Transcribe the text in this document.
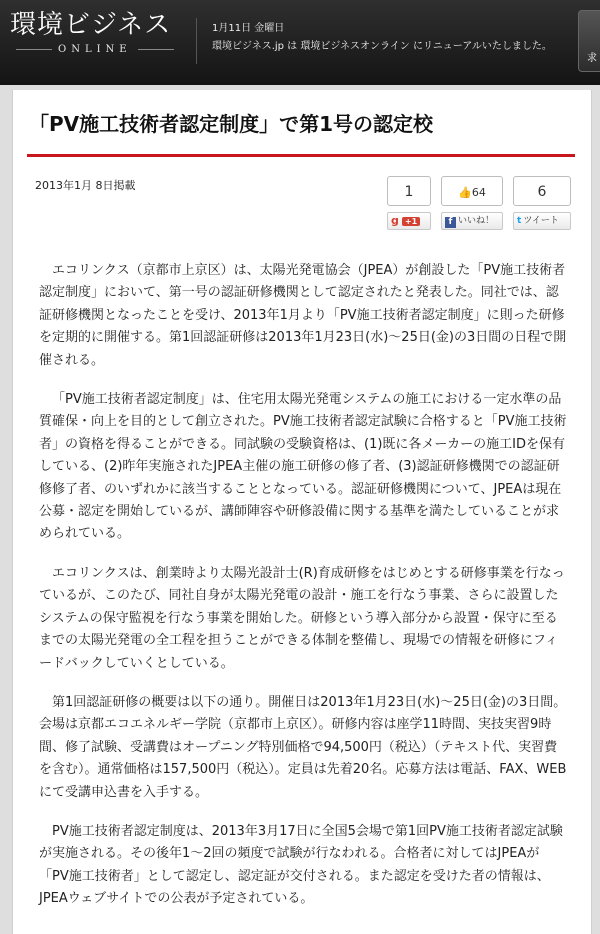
環境ビジネス
ONLINE
1月11日 金曜日
環境ビジネス.jp は 環境ビジネスオンライン にリニューアルいたしました。
求
「PV施工技術者認定制度」で第1号の認定校
2013年1月 8日掲載	1
g +1
👍64
f いいね！
6
t ツイート

エコリンクス（京都市上京区）は、太陽光発電協会（JPEA）が創設した「PV施工技術者認定制度」において、第一号の認証研修機関として認定されたと発表した。同社では、認証研修機関となったことを受け、2013年1月より「PV施工技術者認定制度」に則った研修を定期的に開催する。第1回認証研修は2013年1月23日(水)〜25日(金)の3日間の日程で開催される。

「PV施工技術者認定制度」は、住宅用太陽光発電システムの施工における一定水準の品質確保・向上を目的として創立された。PV施工技術者認定試験に合格すると「PV施工技術者」の資格を得ることができる。同試験の受験資格は、(1)既に各メーカーの施工IDを保有している、(2)昨年実施されたJPEA主催の施工研修の修了者、(3)認証研修機関での認証研修修了者、のいずれかに該当することとなっている。認証研修機関について、JPEAは現在公募・認定を開始しているが、講師陣容や研修設備に関する基準を満たしていることが求められている。

エコリンクスは、創業時より太陽光設計士(R)育成研修をはじめとする研修事業を行なっているが、このたび、同社自身が太陽光発電の設計・施工を行なう事業、さらに設置したシステムの保守監視を行なう事業を開始した。研修という導入部分から設置・保守に至るまでの太陽光発電の全工程を担うことができる体制を整備し、現場での情報を研修にフィードバックしていくとしている。

第1回認証研修の概要は以下の通り。開催日は2013年1月23日(水)〜25日(金)の3日間。会場は京都エコエネルギー学院（京都市上京区）。研修内容は座学11時間、実技実習9時間、修了試験、受講費はオープニング特別価格で94,500円（税込）（テキスト代、実習費を含む）。通常価格は157,500円（税込）。定員は先着20名。応募方法は電話、FAX、WEBにて受講申込書を入手する。

PV施工技術者認定制度は、2013年3月17日に全国5会場で第1回PV施工技術者認定試験が実施される。その後年1〜2回の頻度で試験が行なわれる。合格者に対してはJPEAが「PV施工技術者」として認定し、認定証が交付される。また認定を受けた者の情報は、JPEAウェブサイトでの公表が予定されている。
